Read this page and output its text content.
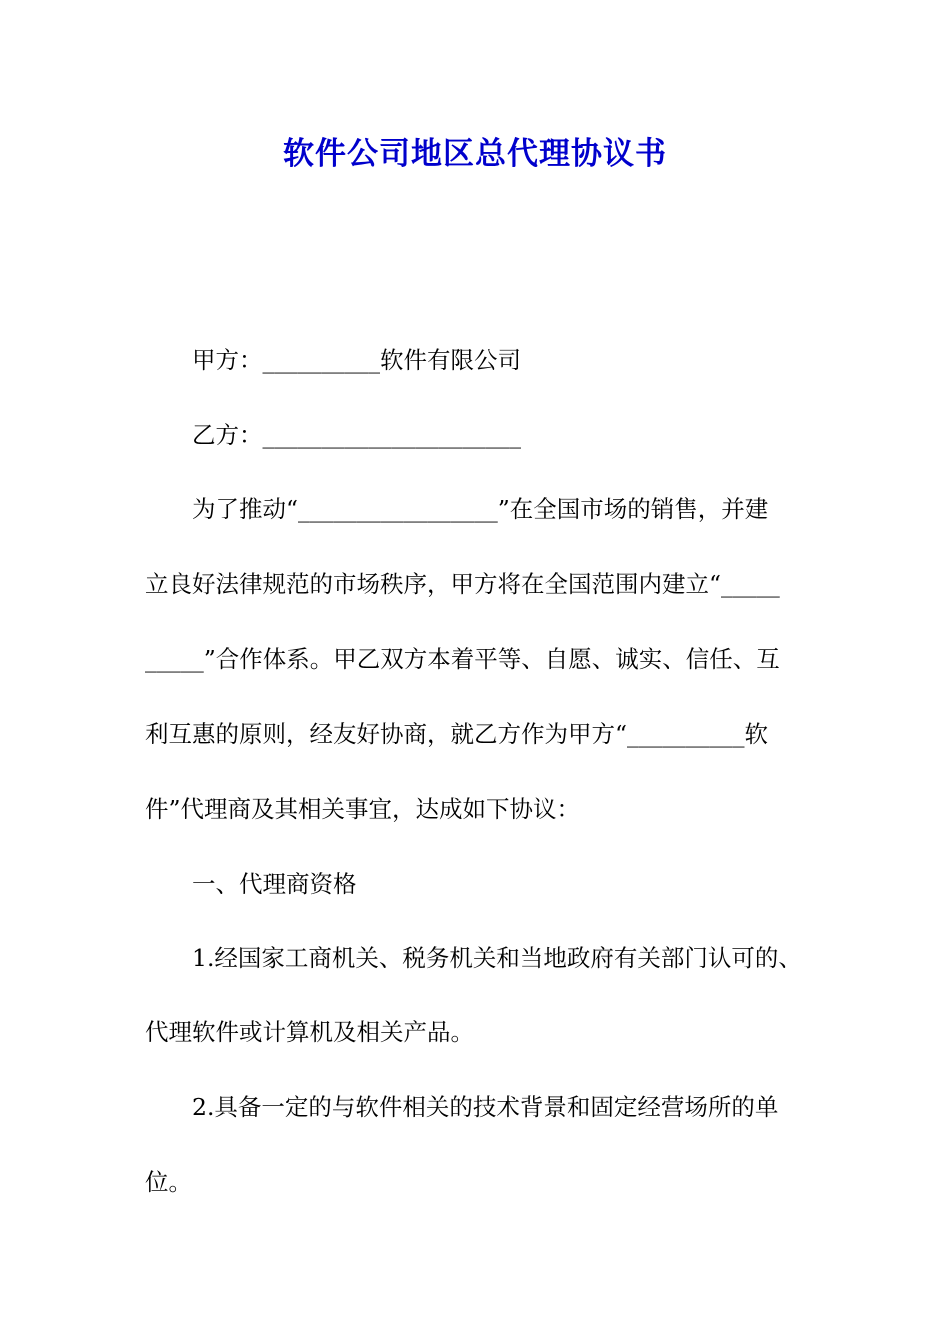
软件公司地区总代理协议书

　　甲方：__________软件有限公司

　　乙方：______________________

　　为了推动“_________________”在全国市场的销售，并建

立良好法律规范的市场秩序，甲方将在全国范围内建立“_____

_____”合作体系。甲乙双方本着平等、自愿、诚实、信任、互

利互惠的原则，经友好协商，就乙方作为甲方“__________软

件”代理商及其相关事宜，达成如下协议：

　　一、代理商资格

　　1.经国家工商机关、税务机关和当地政府有关部门认可的、

代理软件或计算机及相关产品。

　　2.具备一定的与软件相关的技术背景和固定经营场所的单

位。
